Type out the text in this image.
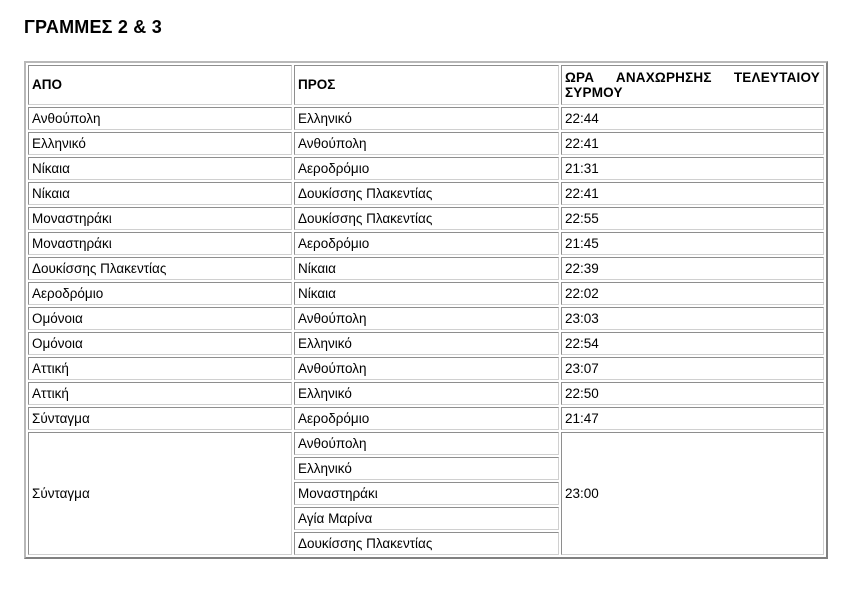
ΓΡΑΜΜΕΣ 2 & 3
ΑΠΟ	ΠΡΟΣ	ΩΡΑ ΑΝΑΧΩΡΗΣΗΣ ΤΕΛΕΥΤΑΙΟΥ ΣΥΡΜΟΥ
Ανθούπολη	Ελληνικό	22:44
Ελληνικό	Ανθούπολη	22:41
Νίκαια	Αεροδρόμιο	21:31
Νίκαια	Δουκίσσης Πλακεντίας	22:41
Μοναστηράκι	Δουκίσσης Πλακεντίας	22:55
Μοναστηράκι	Αεροδρόμιο	21:45
Δουκίσσης Πλακεντίας	Νίκαια	22:39
Αεροδρόμιο	Νίκαια	22:02
Ομόνοια	Ανθούπολη	23:03
Ομόνοια	Ελληνικό	22:54
Αττική	Ανθούπολη	23:07
Αττική	Ελληνικό	22:50
Σύνταγμα	Αεροδρόμιο	21:47
Σύνταγμα	Ανθούπολη	23:00
	Ελληνικό	
	Μοναστηράκι	
	Αγία Μαρίνα	
	Δουκίσσης Πλακεντίας	
